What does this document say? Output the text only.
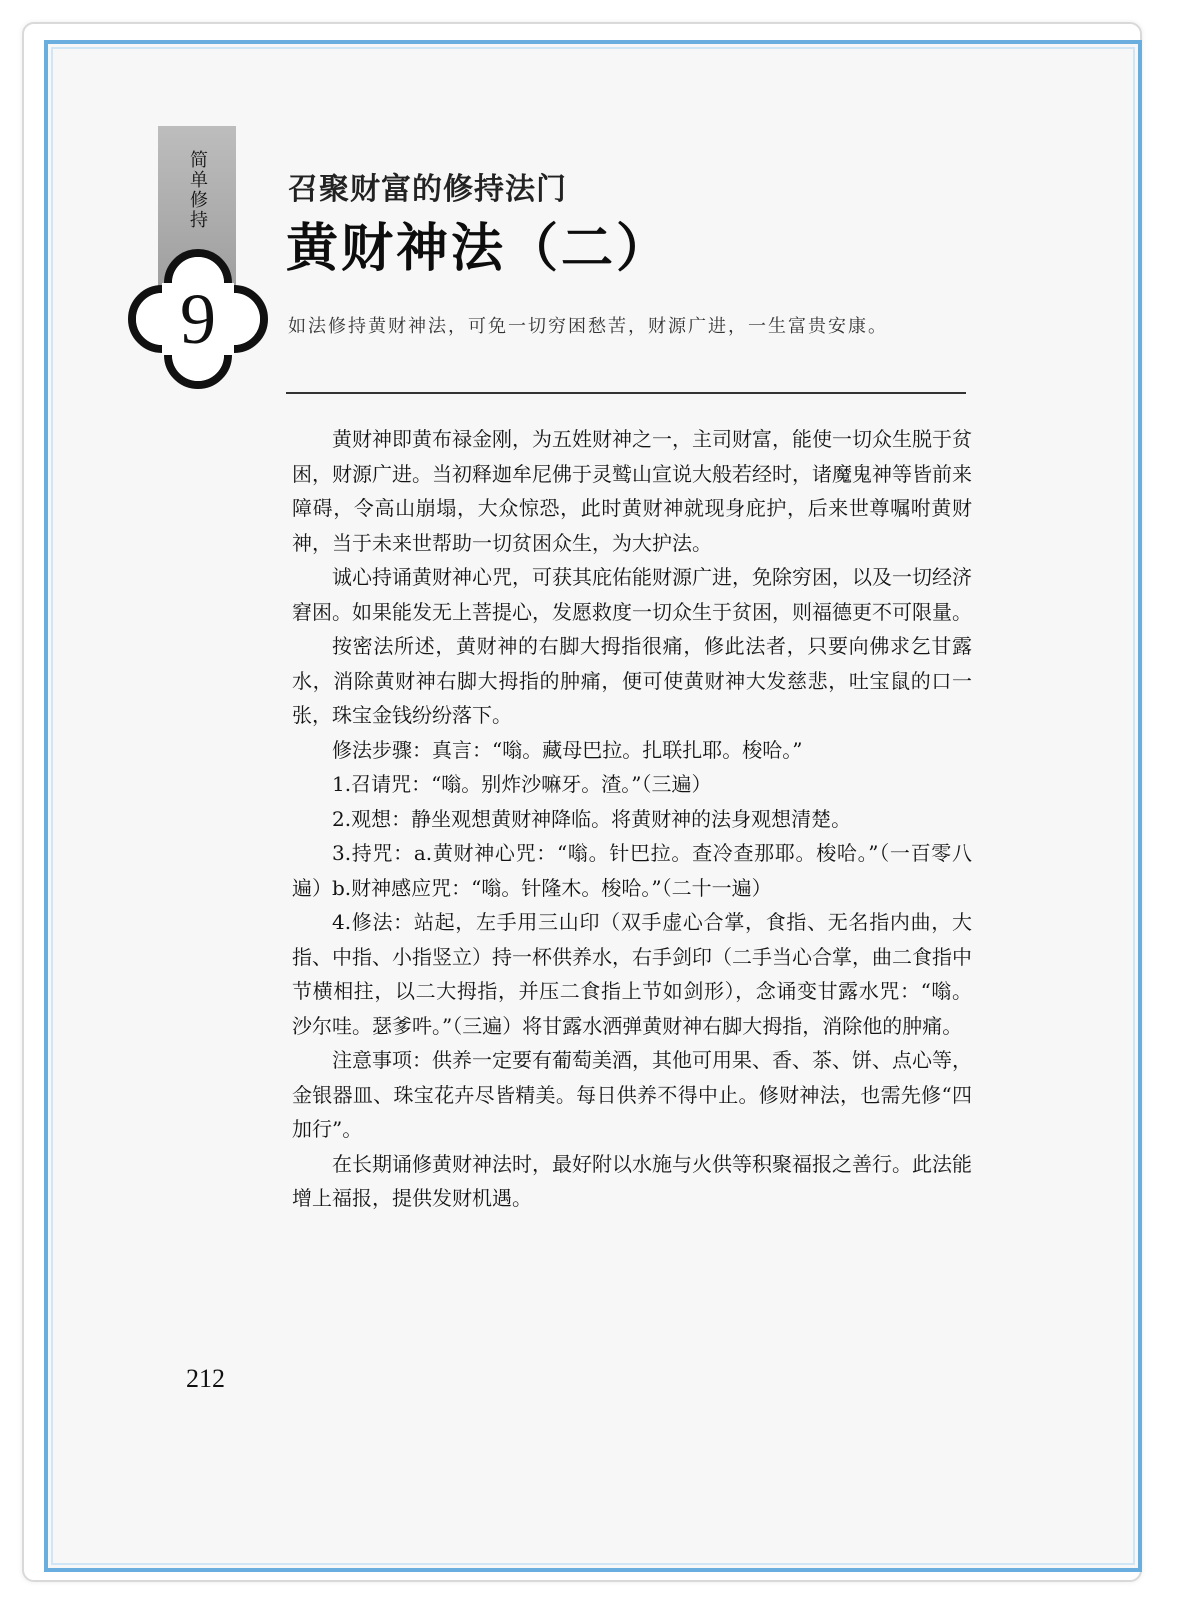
简单修持
9
召聚财富的修持法门
黄财神法（二）
如法修持黄财神法，可免一切穷困愁苦，财源广进，一生富贵安康。

黄财神即黄布禄金刚，为五姓财神之一，主司财富，能使一切众生脱于贫困，财源广进。当初释迦牟尼佛于灵鹫山宣说大般若经时，诸魔鬼神等皆前来障碍，令高山崩塌，大众惊恐，此时黄财神就现身庇护，后来世尊嘱咐黄财神，当于未来世帮助一切贫困众生，为大护法。

诚心持诵黄财神心咒，可获其庇佑能财源广进，免除穷困，以及一切经济窘困。如果能发无上菩提心，发愿救度一切众生于贫困，则福德更不可限量。

按密法所述，黄财神的右脚大拇指很痛，修此法者，只要向佛求乞甘露水，消除黄财神右脚大拇指的肿痛，便可使黄财神大发慈悲，吐宝鼠的口一张，珠宝金钱纷纷落下。

修法步骤：真言：“嗡。藏母巴拉。扎联扎耶。梭哈。”

1.召请咒：“嗡。别炸沙嘛牙。渣。”（三遍）

2.观想：静坐观想黄财神降临。将黄财神的法身观想清楚。

3.持咒：a.黄财神心咒：“嗡。针巴拉。查冷查那耶。梭哈。”（一百零八遍）b.财神感应咒：“嗡。针隆木。梭哈。”（二十一遍）

4.修法：站起，左手用三山印（双手虚心合掌，食指、无名指内曲，大指、中指、小指竖立）持一杯供养水，右手剑印（二手当心合掌，曲二食指中节横相拄，以二大拇指，并压二食指上节如剑形），念诵变甘露水咒：“嗡。沙尔哇。瑟爹吽。”（三遍）将甘露水洒弹黄财神右脚大拇指，消除他的肿痛。

注意事项：供养一定要有葡萄美酒，其他可用果、香、茶、饼、点心等，金银器皿、珠宝花卉尽皆精美。每日供养不得中止。修财神法，也需先修“四加行”。

在长期诵修黄财神法时，最好附以水施与火供等积聚福报之善行。此法能增上福报，提供发财机遇。

212
